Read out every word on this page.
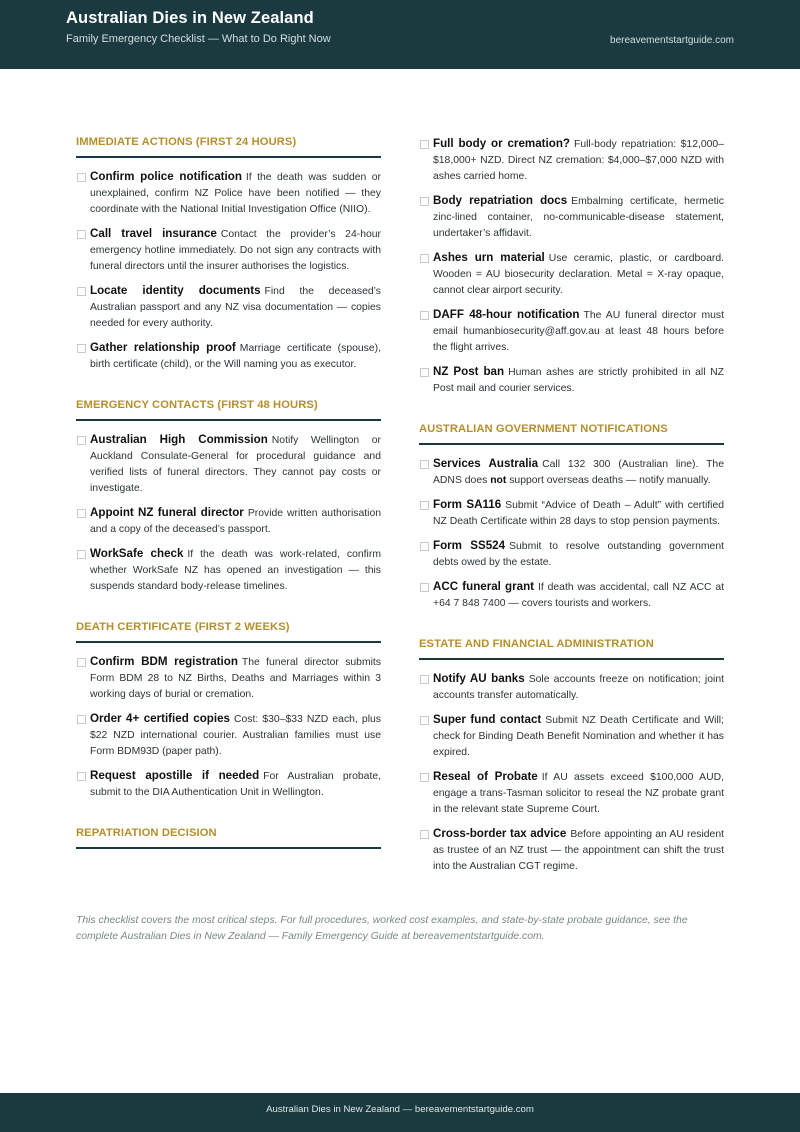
Australian Dies in New Zealand
Family Emergency Checklist — What to Do Right Now	bereavementstartguide.com
IMMEDIATE ACTIONS (FIRST 24 HOURS)
Confirm police notification If the death was sudden or unexplained, confirm NZ Police have been notified — they coordinate with the National Initial Investigation Office (NIIO).
Call travel insurance Contact the provider’s 24-hour emergency hotline immediately. Do not sign any contracts with funeral directors until the insurer authorises the logistics.
Locate identity documents Find the deceased’s Australian passport and any NZ visa documentation — copies needed for every authority.
Gather relationship proof Marriage certificate (spouse), birth certificate (child), or the Will naming you as executor.
EMERGENCY CONTACTS (FIRST 48 HOURS)
Australian High Commission Notify Wellington or Auckland Consulate-General for procedural guidance and verified lists of funeral directors. They cannot pay costs or investigate.
Appoint NZ funeral director Provide written authorisation and a copy of the deceased’s passport.
WorkSafe check If the death was work-related, confirm whether WorkSafe NZ has opened an investigation — this suspends standard body-release timelines.
DEATH CERTIFICATE (FIRST 2 WEEKS)
Confirm BDM registration The funeral director submits Form BDM 28 to NZ Births, Deaths and Marriages within 3 working days of burial or cremation.
Order 4+ certified copies Cost: $30–$33 NZD each, plus $22 NZD international courier. Australian families must use Form BDM93D (paper path).
Request apostille if needed For Australian probate, submit to the DIA Authentication Unit in Wellington.
REPATRIATION DECISION
Full body or cremation? Full-body repatriation: $12,000–$18,000+ NZD. Direct NZ cremation: $4,000–$7,000 NZD with ashes carried home.
Body repatriation docs Embalming certificate, hermetic zinc-lined container, no-communicable-disease statement, undertaker’s affidavit.
Ashes urn material Use ceramic, plastic, or cardboard. Wooden = AU biosecurity declaration. Metal = X-ray opaque, cannot clear airport security.
DAFF 48-hour notification The AU funeral director must email humanbiosecurity@aff.gov.au at least 48 hours before the flight arrives.
NZ Post ban Human ashes are strictly prohibited in all NZ Post mail and courier services.
AUSTRALIAN GOVERNMENT NOTIFICATIONS
Services Australia Call 132 300 (Australian line). The ADNS does not support overseas deaths — notify manually.
Form SA116 Submit “Advice of Death – Adult” with certified NZ Death Certificate within 28 days to stop pension payments.
Form SS524 Submit to resolve outstanding government debts owed by the estate.
ACC funeral grant If death was accidental, call NZ ACC at +64 7 848 7400 — covers tourists and workers.
ESTATE AND FINANCIAL ADMINISTRATION
Notify AU banks Sole accounts freeze on notification; joint accounts transfer automatically.
Super fund contact Submit NZ Death Certificate and Will; check for Binding Death Benefit Nomination and whether it has expired.
Reseal of Probate If AU assets exceed $100,000 AUD, engage a trans-Tasman solicitor to reseal the NZ probate grant in the relevant state Supreme Court.
Cross-border tax advice Before appointing an AU resident as trustee of an NZ trust — the appointment can shift the trust into the Australian CGT regime.
This checklist covers the most critical steps. For full procedures, worked cost examples, and state-by-state probate guidance, see the complete Australian Dies in New Zealand — Family Emergency Guide at bereavementstartguide.com.
Australian Dies in New Zealand — bereavementstartguide.com
